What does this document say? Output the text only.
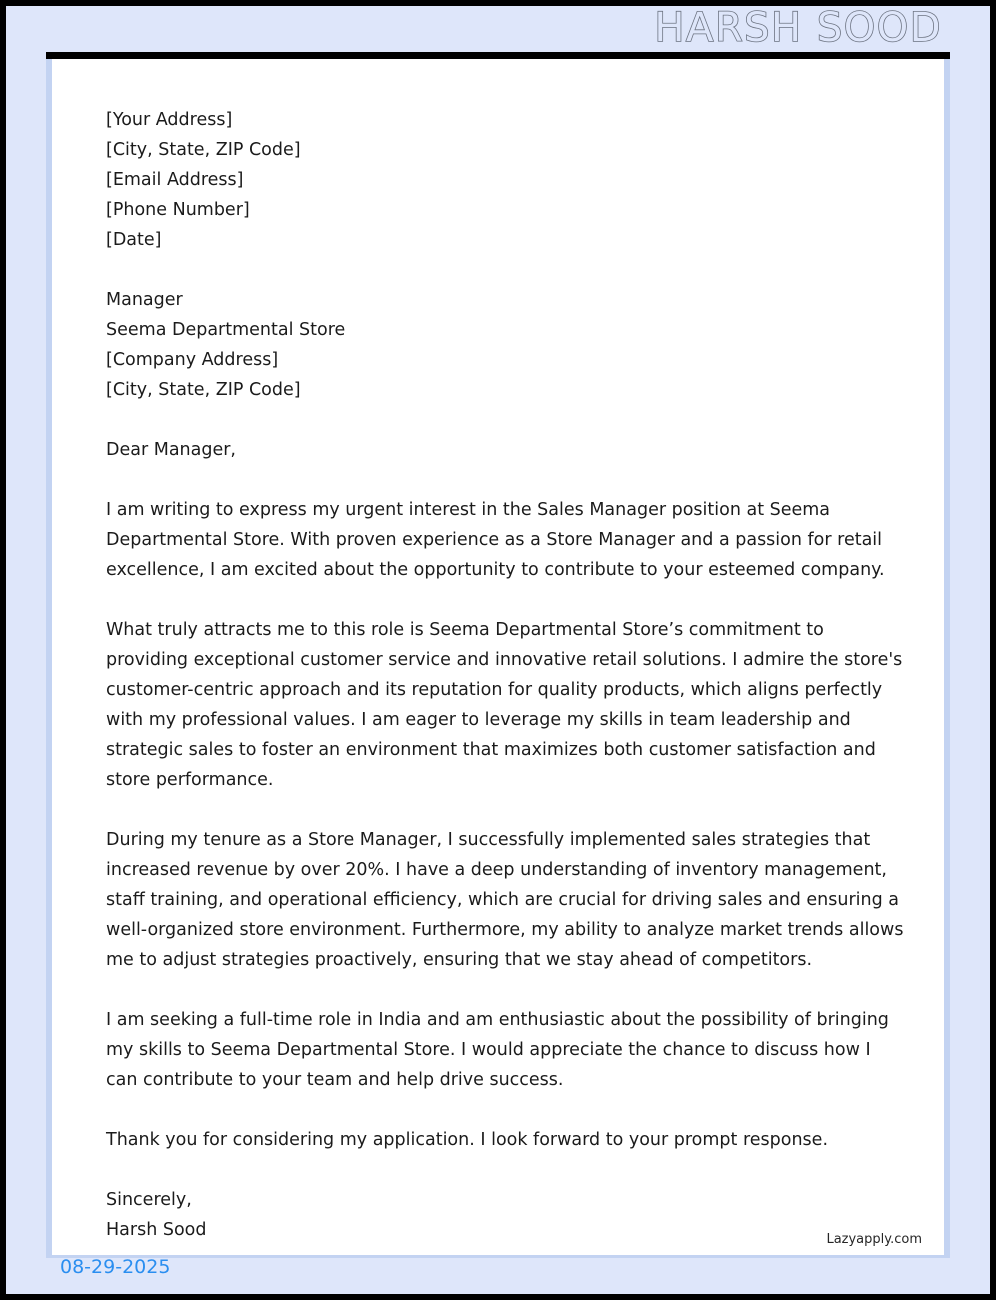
HARSH SOOD
[Your Address]
[City, State, ZIP Code]
[Email Address]
[Phone Number]
[Date]
Manager
Seema Departmental Store
[Company Address]
[City, State, ZIP Code]
Dear Manager,

I am writing to express my urgent interest in the Sales Manager position at Seema Departmental Store. With proven experience as a Store Manager and a passion for retail excellence, I am excited about the opportunity to contribute to your esteemed company.

What truly attracts me to this role is Seema Departmental Store’s commitment to providing exceptional customer service and innovative retail solutions. I admire the store's customer-centric approach and its reputation for quality products, which aligns perfectly with my professional values. I am eager to leverage my skills in team leadership and strategic sales to foster an environment that maximizes both customer satisfaction and store performance.

During my tenure as a Store Manager, I successfully implemented sales strategies that increased revenue by over 20%. I have a deep understanding of inventory management, staff training, and operational efficiency, which are crucial for driving sales and ensuring a well-organized store environment. Furthermore, my ability to analyze market trends allows me to adjust strategies proactively, ensuring that we stay ahead of competitors.

I am seeking a full-time role in India and am enthusiastic about the possibility of bringing my skills to Seema Departmental Store. I would appreciate the chance to discuss how I can contribute to your team and help drive success.

Thank you for considering my application. I look forward to your prompt response.

Sincerely,
Harsh Sood	Lazyapply.com
08-29-2025
